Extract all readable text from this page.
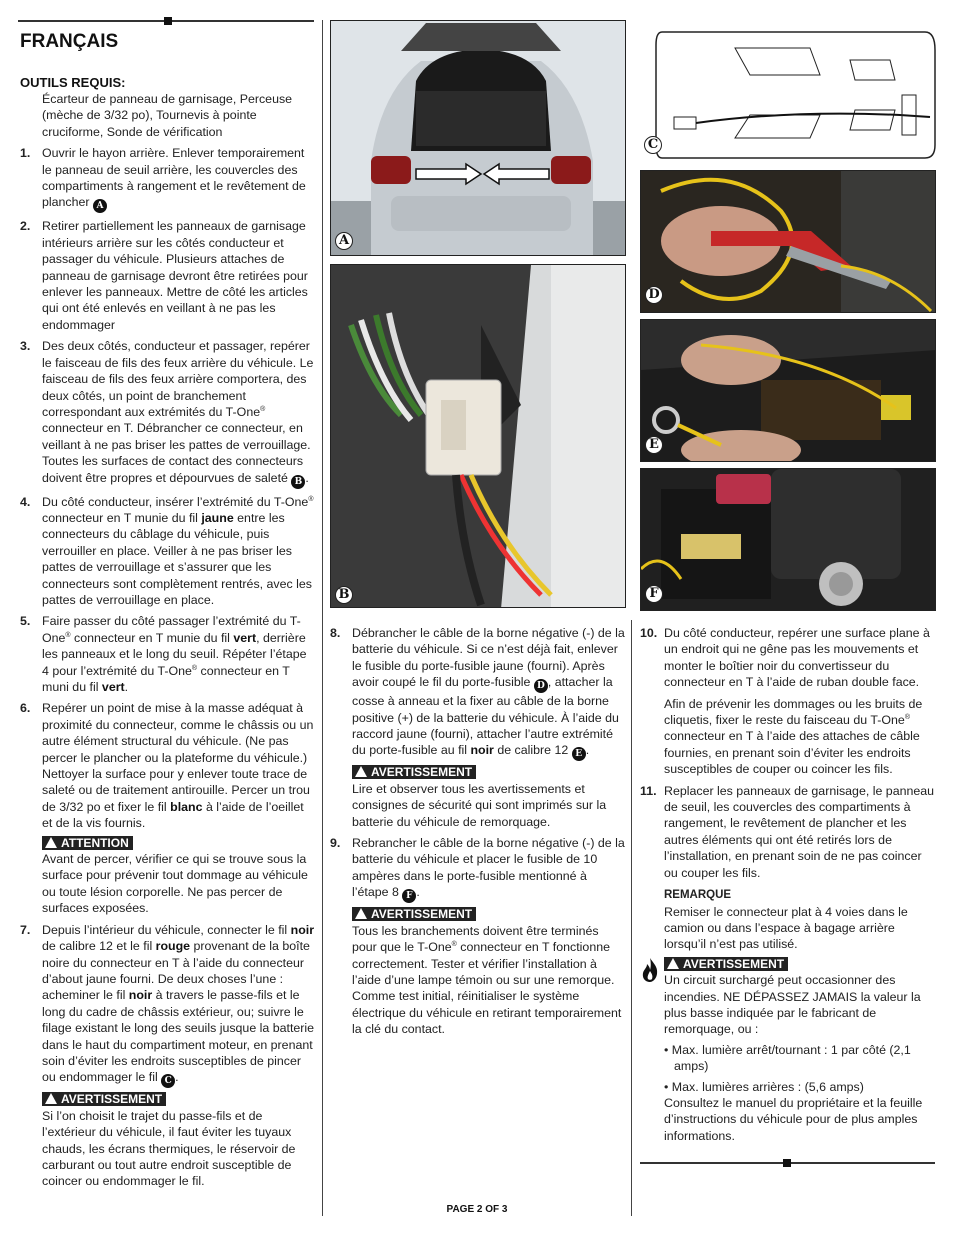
FRANÇAIS
OUTILS REQUIS:
Écarteur de panneau de garnisage, Perceuse (mèche de 3/32 po), Tournevis à pointe cruciforme, Sonde de vérification
1. Ouvrir le hayon arrière. Enlever temporairement le panneau de seuil arrière, les couvercles des compartiments à rangement et le revêtement de plancher A
2. Retirer partiellement les panneaux de garnisage intérieurs arrière sur les côtés conducteur et passager du véhicule. Plusieurs attaches de panneau de garnisage devront être retirées pour enlever les panneaux. Mettre de côté les articles qui ont été enlevés en veillant à ne pas les endommager
3. Des deux côtés, conducteur et passager, repérer le faisceau de fils des feux arrière du véhicule. Le faisceau de fils des feux arrière comportera, des deux côtés, un point de branchement correspondant aux extrémités du T-One® connecteur en T. Débrancher ce connecteur, en veillant à ne pas briser les pattes de verrouillage. Toutes les surfaces de contact des connecteurs doivent être propres et dépourvues de saleté B .
4. Du côté conducteur, insérer l’extrémité du T-One® connecteur en T munie du fil jaune entre les connecteurs du câblage du véhicule, puis verrouiller en place. Veiller à ne pas briser les pattes de verrouillage et s’assurer que les connecteurs sont complètement rentrés, avec les pattes de verrouillage en place.
5. Faire passer du côté passager l’extrémité du T-One® connecteur en T munie du fil vert, derrière les panneaux et le long du seuil. Répéter l’étape 4 pour l’extrémité du T-One® connecteur en T muni du fil vert.
6. Repérer un point de mise à la masse adéquat à proximité du connecteur, comme le châssis ou un autre élément structural du véhicule. (Ne pas percer le plancher ou la plateforme du véhicule.) Nettoyer la surface pour y enlever toute trace de saleté ou de traitement antirouille. Percer un trou de 3/32 po et fixer le fil blanc à l’aide de l’oeillet et de la vis fournis.
ATTENTION
Avant de percer, vérifier ce qui se trouve sous la surface pour prévenir tout dommage au véhicule ou toute lésion corporelle. Ne pas percer de surfaces exposées.
7. Depuis l’intérieur du véhicule, connecter le fil noir de calibre 12 et le fil rouge provenant de la boîte noire du connecteur en T à l’aide du connecteur d’about jaune fourni. De deux choses l’une : acheminer le fil noir à travers le passe-fils et le long du cadre de châssis extérieur, ou; suivre le filage existant le long des seuils jusque la batterie dans le haut du compartiment moteur, en prenant soin d’éviter les endroits susceptibles de pincer ou endommager le fil C .
AVERTISSEMENT
Si l’on choisit le trajet du passe-fils et de l’extérieur du véhicule, il faut éviter les tuyaux chauds, les écrans thermiques, le réservoir de carburant ou tout autre endroit susceptible de coincer ou endommager le fil.
A
B
C
D
E
F
8. Débrancher le câble de la borne négative (-) de la batterie du véhicule. Si ce n’est déjà fait, enlever le fusible du porte-fusible jaune (fourni). Après avoir coupé le fil du porte-fusible D , attacher la cosse à anneau et la fixer au câble de la borne positive (+) de la batterie du véhicule. À l’aide du raccord jaune (fourni), attacher l’autre extrémité du porte-fusible au fil noir de calibre 12 E .
AVERTISSEMENT
Lire et observer tous les avertissements et consignes de sécurité qui sont imprimés sur la batterie du véhicule de remorquage.
9. Rebrancher le câble de la borne négative (-) de la batterie du véhicule et placer le fusible de 10 ampères dans le porte-fusible mentionné à l’étape 8 F .
AVERTISSEMENT
Tous les branchements doivent être terminés pour que le T-One® connecteur en T fonctionne correctement. Tester et vérifier l’installation à l’aide d’une lampe témoin ou sur une remorque. Comme test initial, réinitialiser le système électrique du véhicule en retirant temporairement la clé du contact.
10. Du côté conducteur, repérer une surface plane à un endroit qui ne gêne pas les mouvements et monter le boîtier noir du convertisseur du connecteur en T à l’aide de ruban double face.
Afin de prévenir les dommages ou les bruits de cliquetis, fixer le reste du faisceau du T-One® connecteur en T à l’aide des attaches de câble fournies, en prenant soin d’éviter les endroits susceptibles de couper ou coincer les fils.
11. Replacer les panneaux de garnisage, le panneau de seuil, les couvercles des compartiments à rangement, le revêtement de plancher et les autres éléments qui ont été retirés lors de l’installation, en prenant soin de ne pas coincer ou couper les fils.
REMARQUE
Remiser le connecteur plat à 4 voies dans le camion ou dans l’espace à bagage arrière lorsqu’il n’est pas utilisé.
AVERTISSEMENT
Un circuit surchargé peut occasionner des incendies. NE DÉPASSEZ JAMAIS la valeur la plus basse indiquée par le fabricant de remorquage, ou :
• Max. lumière arrêt/tournant : 1 par côté (2,1 amps)
• Max. lumières arrières : (5,6 amps)
Consultez le manuel du propriétaire et la feuille d’instructions du véhicule pour de plus amples informations.
PAGE 2 OF 3
